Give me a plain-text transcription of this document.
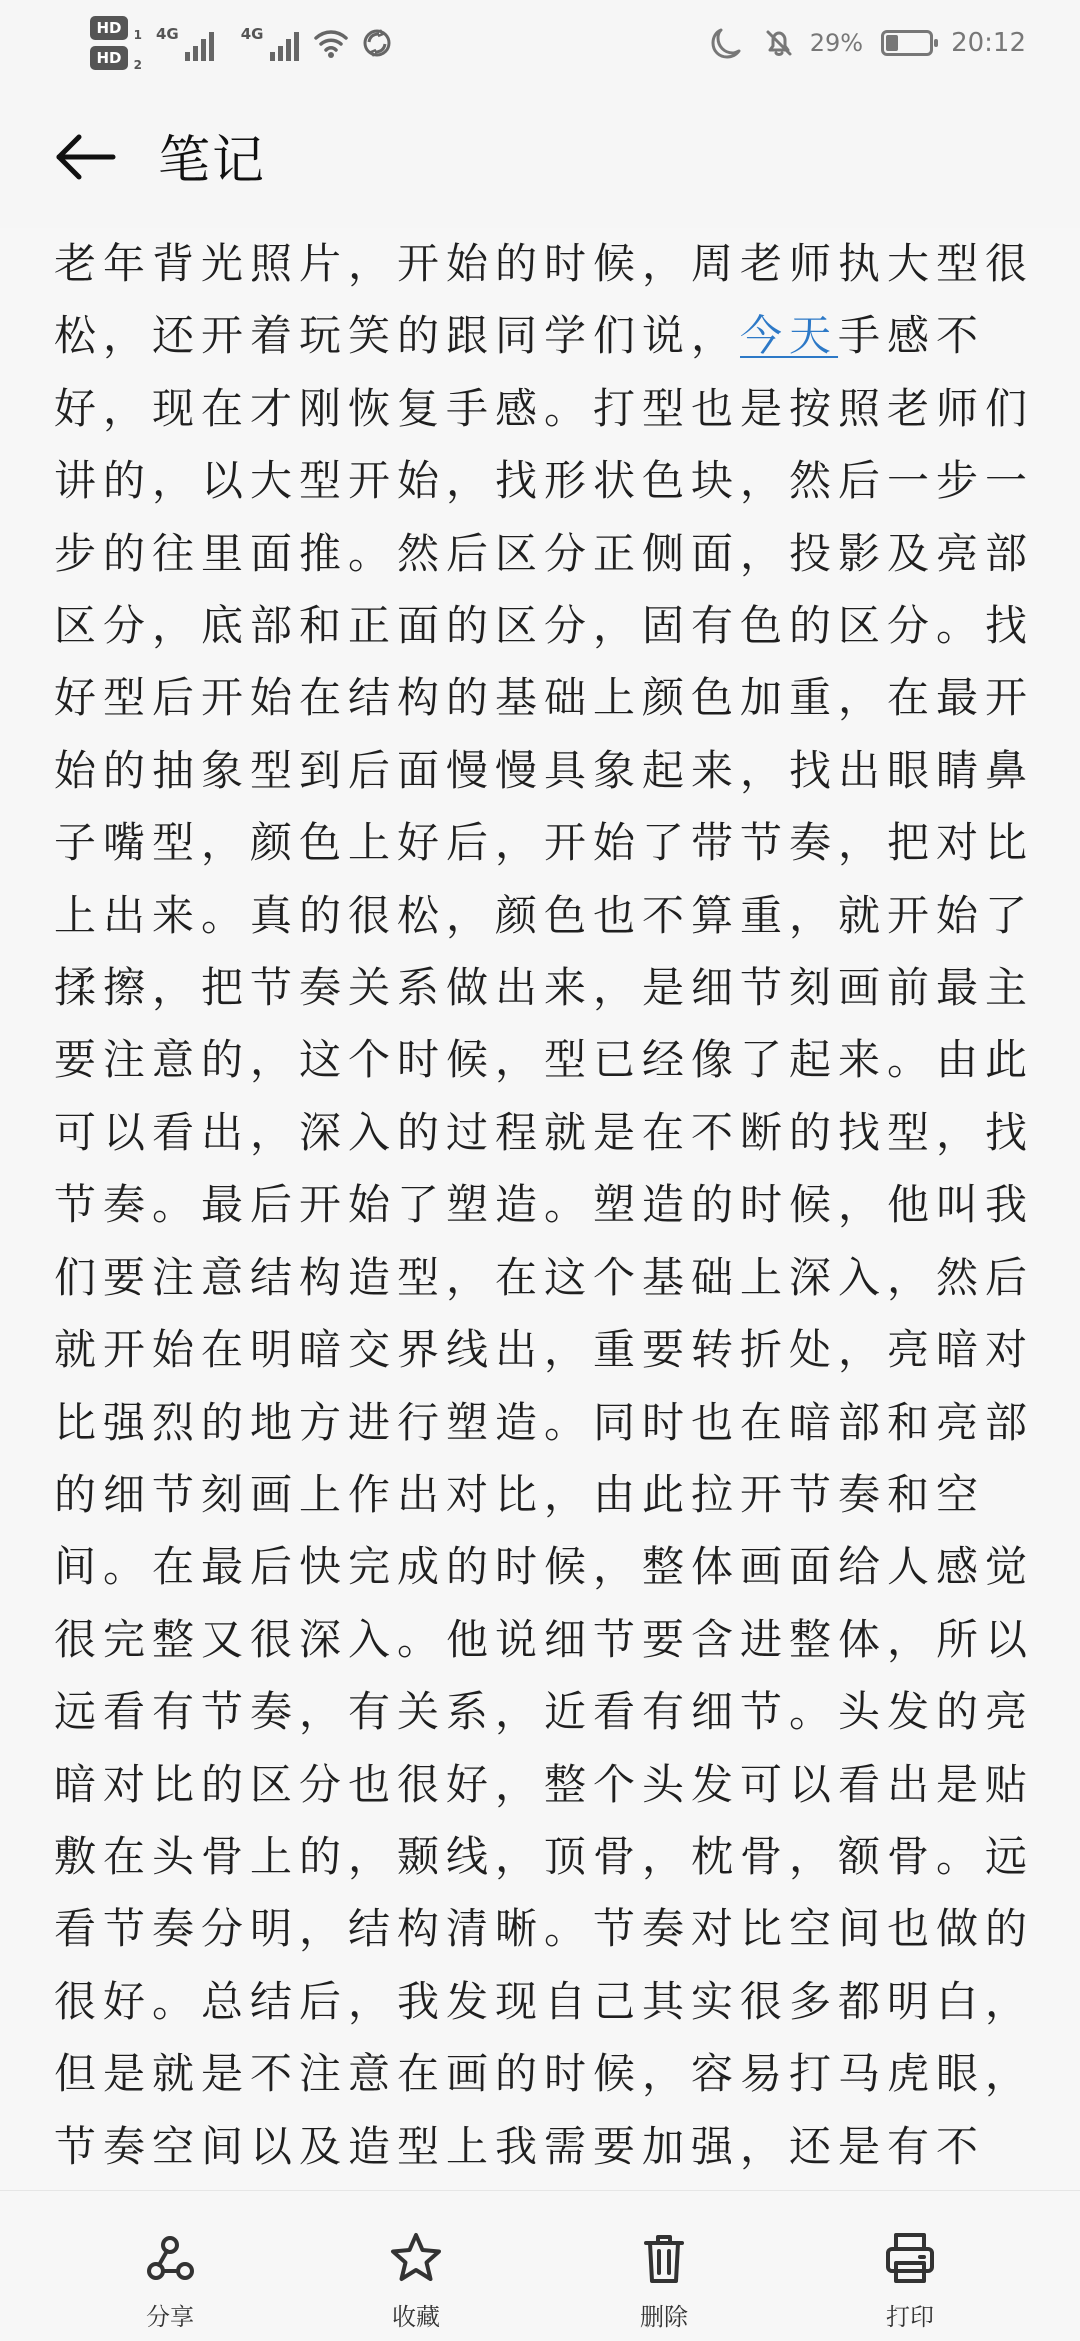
HD 1
HD 2
4G	4G	29%	20:12
笔记

老年背光照片，开始的时候，周老师执大型很松，还开着玩笑的跟同学们说，今天手感不好，现在才刚恢复手感。打型也是按照老师们讲的，以大型开始，找形状色块，然后一步一步的往里面推。然后区分正侧面，投影及亮部区分，底部和正面的区分，固有色的区分。找好型后开始在结构的基础上颜色加重，在最开始的抽象型到后面慢慢具象起来，找出眼睛鼻子嘴型，颜色上好后，开始了带节奏，把对比上出来。真的很松，颜色也不算重，就开始了揉擦，把节奏关系做出来，是细节刻画前最主要注意的，这个时候，型已经像了起来。由此可以看出，深入的过程就是在不断的找型，找节奏。最后开始了塑造。塑造的时候，他叫我们要注意结构造型，在这个基础上深入，然后就开始在明暗交界线出，重要转折处，亮暗对比强烈的地方进行塑造。同时也在暗部和亮部的细节刻画上作出对比，由此拉开节奏和空间。在最后快完成的时候，整体画面给人感觉很完整又很深入。他说细节要含进整体，所以远看有节奏，有关系，近看有细节。头发的亮暗对比的区分也很好，整个头发可以看出是贴敷在头骨上的，颞线，顶骨，枕骨，额骨。远看节奏分明，结构清晰。节奏对比空间也做的很好。总结后，我发现自己其实很多都明白，但是就是不注意在画的时候，容易打马虎眼，节奏空间以及造型上我需要加强，还是有不

分享	收藏	删除	打印
